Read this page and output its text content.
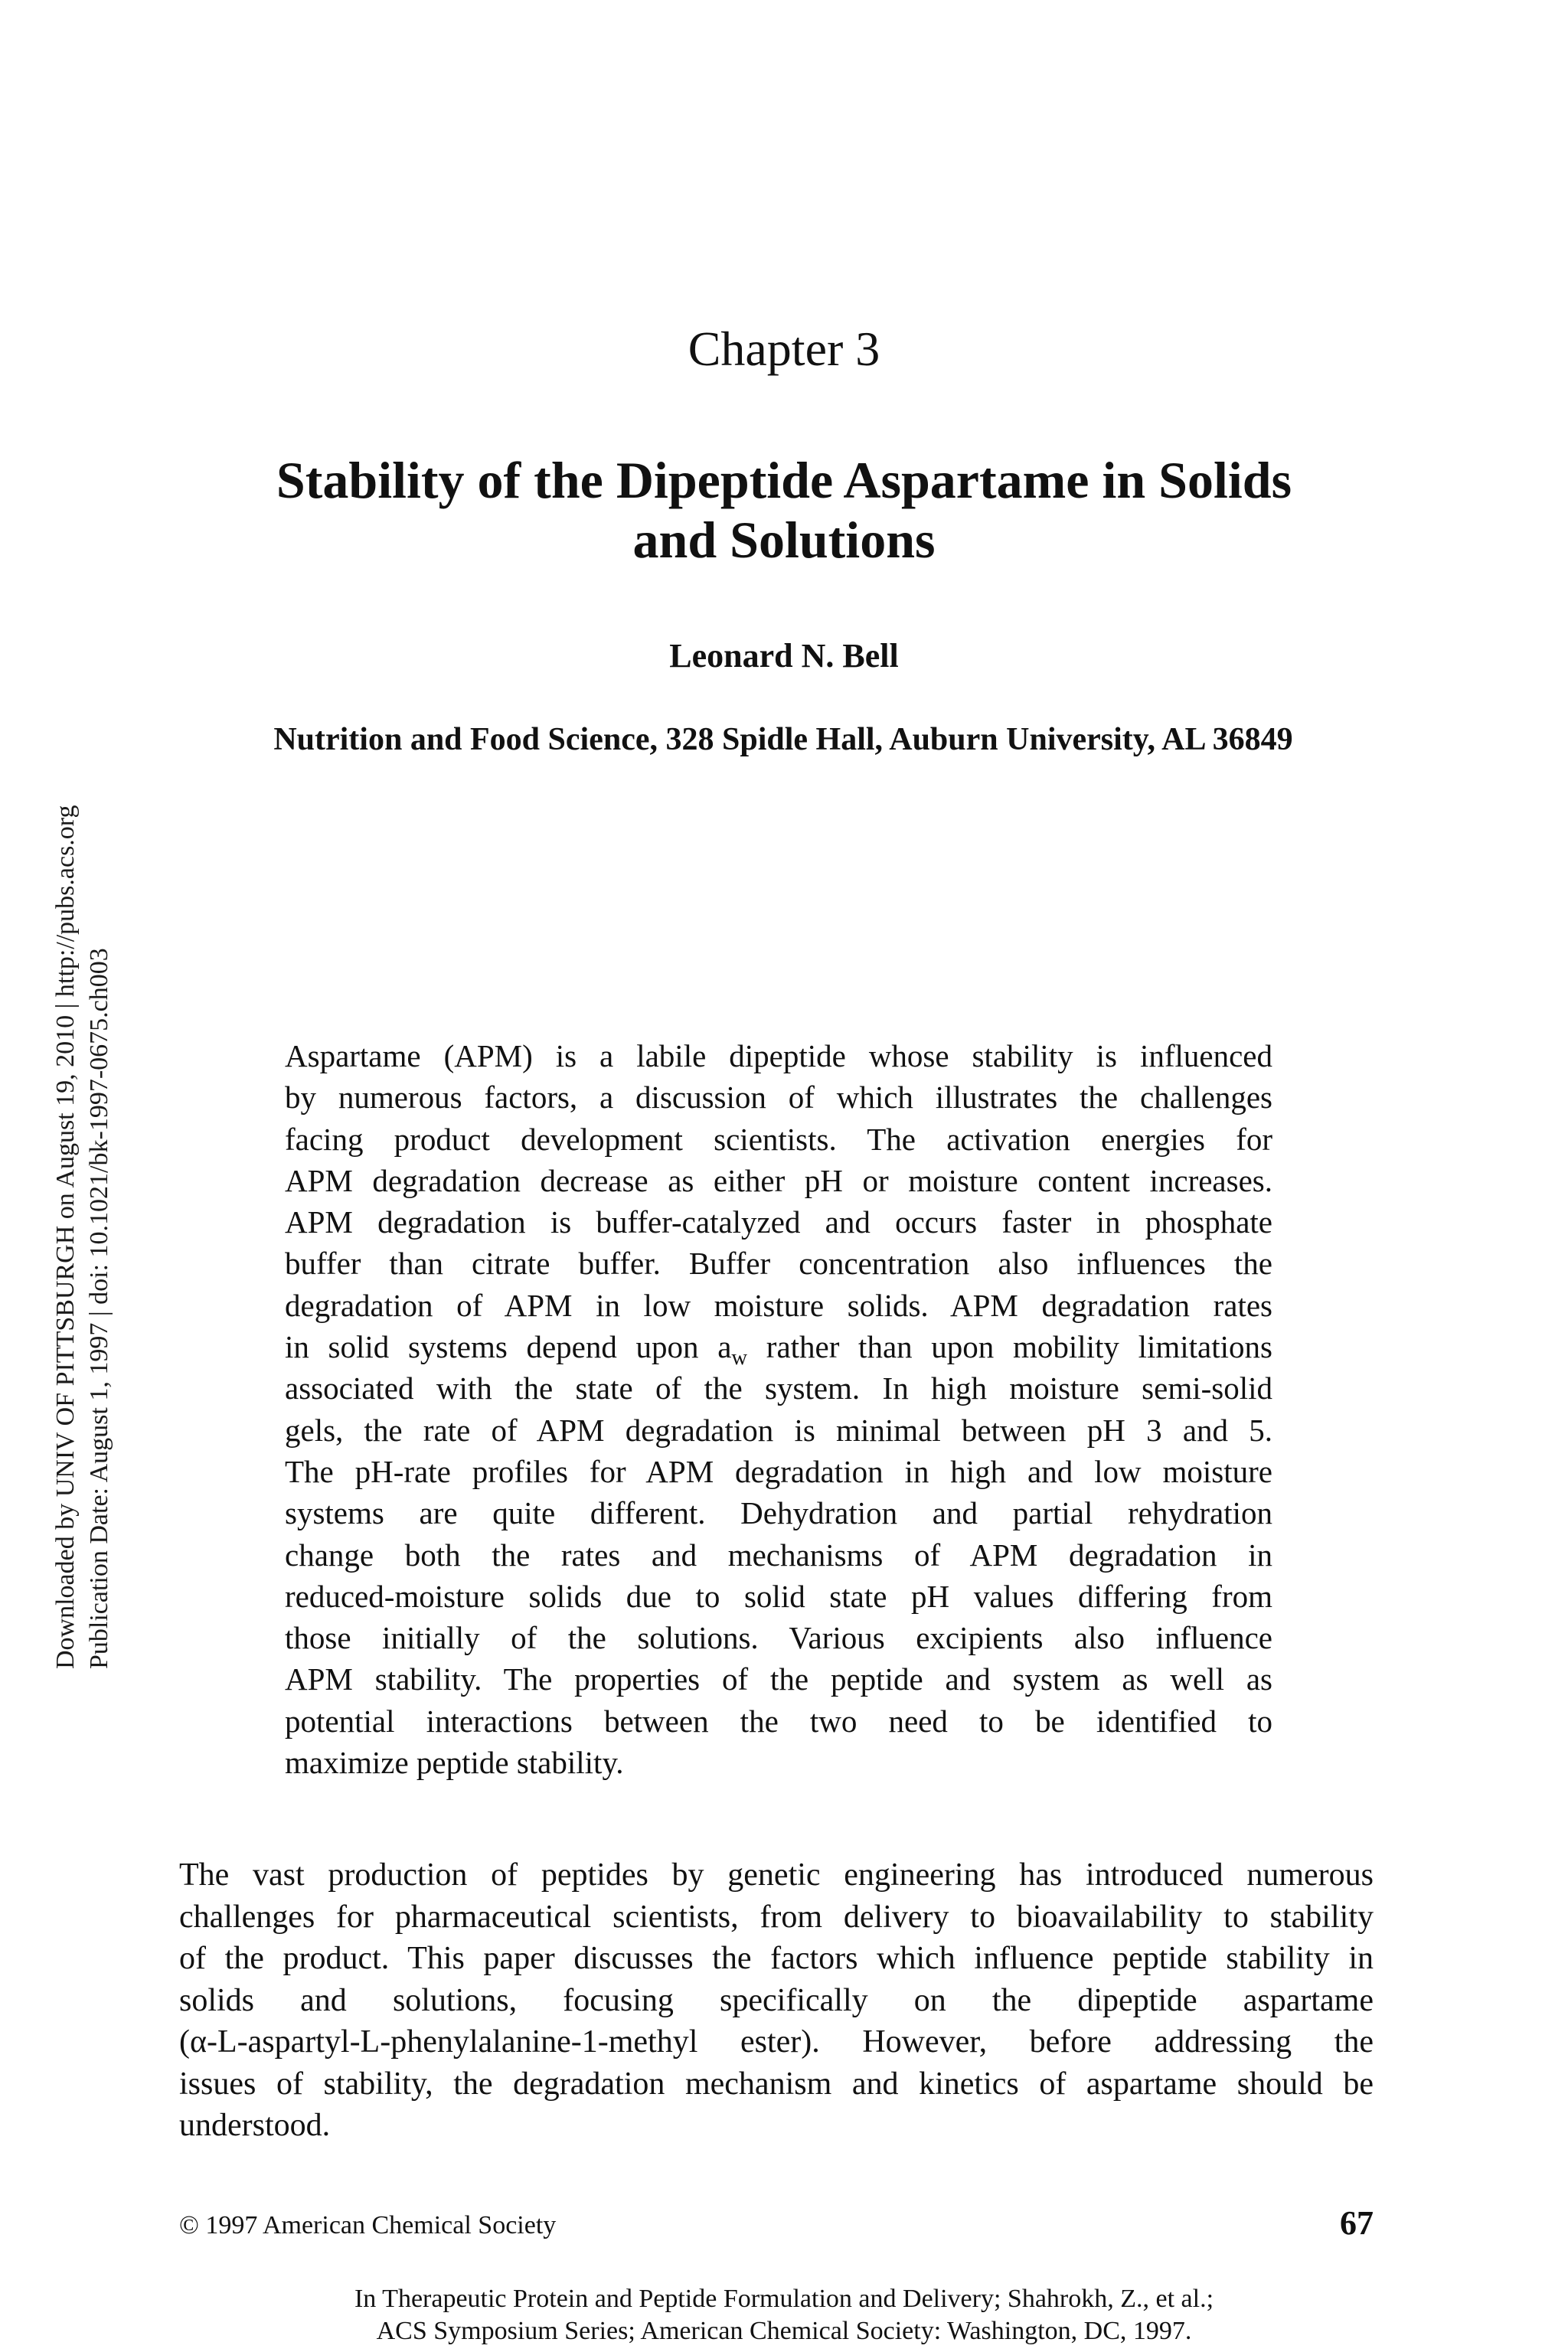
Downloaded by UNIV OF PITTSBURGH on August 19, 2010 | http://pubs.acs.org Publication Date: August 1, 1997 | doi: 10.1021/bk-1997-0675.ch003
Chapter 3
Stability of the Dipeptide Aspartame in Solids
and Solutions
Leonard N. Bell
Nutrition and Food Science, 328 Spidle Hall, Auburn University, AL 36849
Aspartame (APM) is a labile dipeptide whose stability is influenced
by numerous factors, a discussion of which illustrates the challenges
facing product development scientists. The activation energies for
APM degradation decrease as either pH or moisture content increases.
APM degradation is buffer-catalyzed and occurs faster in phosphate
buffer than citrate buffer. Buffer concentration also influences the
degradation of APM in low moisture solids. APM degradation rates
in solid systems depend upon $a_w$ rather than upon mobility limitations
associated with the state of the system. In high moisture semi-solid
gels, the rate of APM degradation is minimal between pH 3 and 5.
The pH-rate profiles for APM degradation in high and low moisture
systems are quite different. Dehydration and partial rehydration
change both the rates and mechanisms of APM degradation in
reduced-moisture solids due to solid state pH values differing from
those initially of the solutions. Various excipients also influence
APM stability. The properties of the peptide and system as well as
potential interactions between the two need to be identified to
maximize peptide stability.
The vast production of peptides by genetic engineering has introduced numerous
challenges for pharmaceutical scientists, from delivery to bioavailability to stability
of the product. This paper discusses the factors which influence peptide stability in
solids and solutions, focusing specifically on the dipeptide aspartame
(α-L-aspartyl-L-phenylalanine-1-methyl ester). However, before addressing the
issues of stability, the degradation mechanism and kinetics of aspartame should be
understood.
© 1997 American Chemical Society	67
In Therapeutic Protein and Peptide Formulation and Delivery; Shahrokh, Z., et al.;
ACS Symposium Series; American Chemical Society: Washington, DC, 1997.
